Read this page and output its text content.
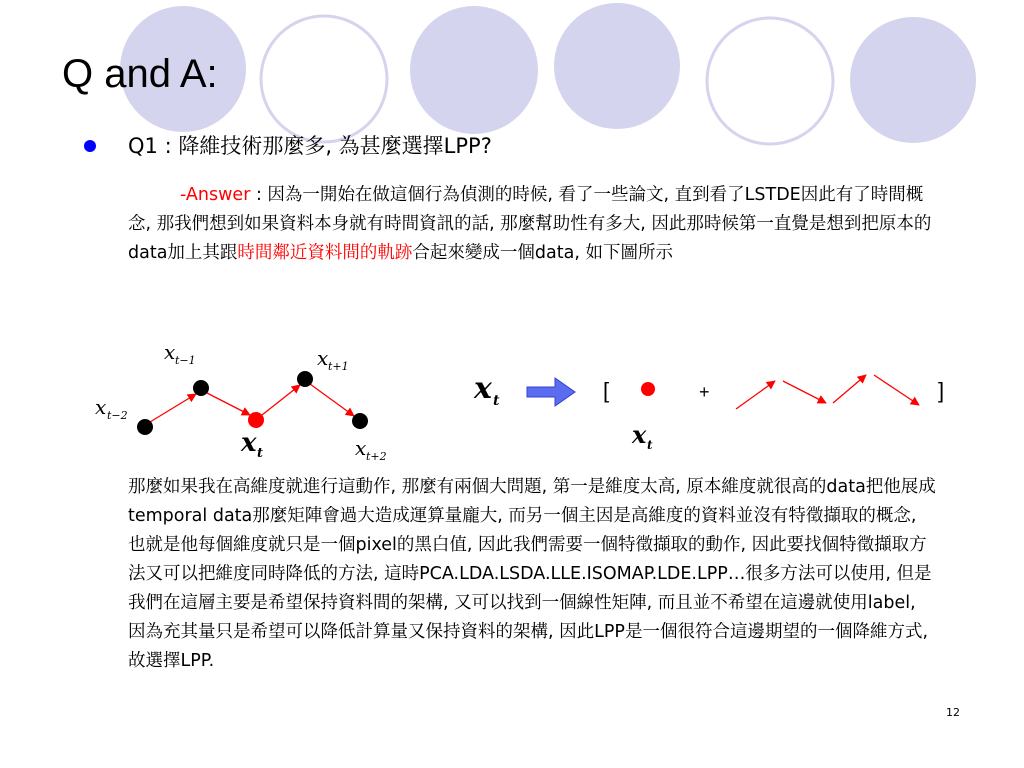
Q and A:
Q1 : 降維技術那麼多, 為甚麼選擇LPP?
-Answer : 因為一開始在做這個行為偵測的時候, 看了一些論文, 直到看了LSTDE因此有了時間概念, 那我們想到如果資料本身就有時間資訊的話, 那麼幫助性有多大, 因此那時候第一直覺是想到把原本的data加上其跟時間鄰近資料間的軌跡合起來變成一個data, 如下圖所示
x t−2
x t−1
x t
x t+1
x t+2
x t	[	+	]
x t
那麼如果我在高維度就進行這動作, 那麼有兩個大問題, 第一是維度太高, 原本維度就很高的data把他展成temporal data那麼矩陣會過大造成運算量龐大, 而另一個主因是高維度的資料並沒有特徵擷取的概念, 也就是他每個維度就只是一個pixel的黑白值, 因此我們需要一個特徵擷取的動作, 因此要找個特徵擷取方法又可以把維度同時降低的方法, 這時PCA.LDA.LSDA.LLE.ISOMAP.LDE.LPP…很多方法可以使用, 但是我們在這層主要是希望保持資料間的架構, 又可以找到一個線性矩陣, 而且並不希望在這邊就使用label, 因為充其量只是希望可以降低計算量又保持資料的架構, 因此LPP是一個很符合這邊期望的一個降維方式, 故選擇LPP.
12
